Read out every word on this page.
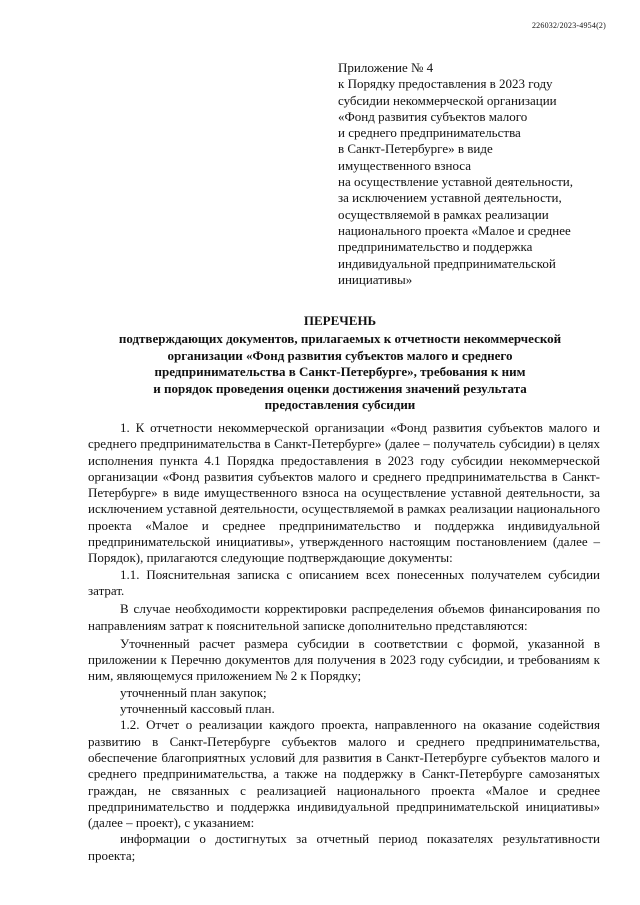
226032/2023-4954(2)
Приложение № 4
к Порядку предоставления в 2023 году
субсидии некоммерческой организации
«Фонд развития субъектов малого
и среднего предпринимательства
в Санкт-Петербурге» в виде
имущественного взноса
на осуществление уставной деятельности,
за исключением уставной деятельности,
осуществляемой в рамках реализации
национального проекта «Малое и среднее
предпринимательство и поддержка
индивидуальной предпринимательской
инициативы»
ПЕРЕЧЕНЬ
подтверждающих документов, прилагаемых к отчетности некоммерческой
организации «Фонд развития субъектов малого и среднего
предпринимательства в Санкт-Петербурге», требования к ним
и порядок проведения оценки достижения значений результата
предоставления субсидии

1. К отчетности некоммерческой организации «Фонд развития субъектов малого и среднего предпринимательства в Санкт-Петербурге» (далее – получатель субсидии) в целях исполнения пункта 4.1 Порядка предоставления в 2023 году субсидии некоммерческой организации «Фонд развития субъектов малого и среднего предпринимательства в Санкт-Петербурге» в виде имущественного взноса на осуществление уставной деятельности, за исключением уставной деятельности, осуществляемой в рамках реализации национального проекта «Малое и среднее предпринимательство и поддержка индивидуальной предпринимательской инициативы», утвержденного настоящим постановлением (далее – Порядок), прилагаются следующие подтверждающие документы:

1.1. Пояснительная записка с описанием всех понесенных получателем субсидии затрат.

В случае необходимости корректировки распределения объемов финансирования по направлениям затрат к пояснительной записке дополнительно представляются:

Уточненный расчет размера субсидии в соответствии с формой, указанной в приложении к Перечню документов для получения в 2023 году субсидии, и требованиям к ним, являющемуся приложением № 2 к Порядку;

уточненный план закупок;

уточненный кассовый план.

1.2. Отчет о реализации каждого проекта, направленного на оказание содействия развитию в Санкт-Петербурге субъектов малого и среднего предпринимательства, обеспечение благоприятных условий для развития в Санкт-Петербурге субъектов малого и среднего предпринимательства, а также на поддержку в Санкт-Петербурге самозанятых граждан, не связанных с реализацией национального проекта «Малое и среднее предпринимательство и поддержка индивидуальной предпринимательской инициативы» (далее – проект), с указанием:

информации о достигнутых за отчетный период показателях результативности проекта;
